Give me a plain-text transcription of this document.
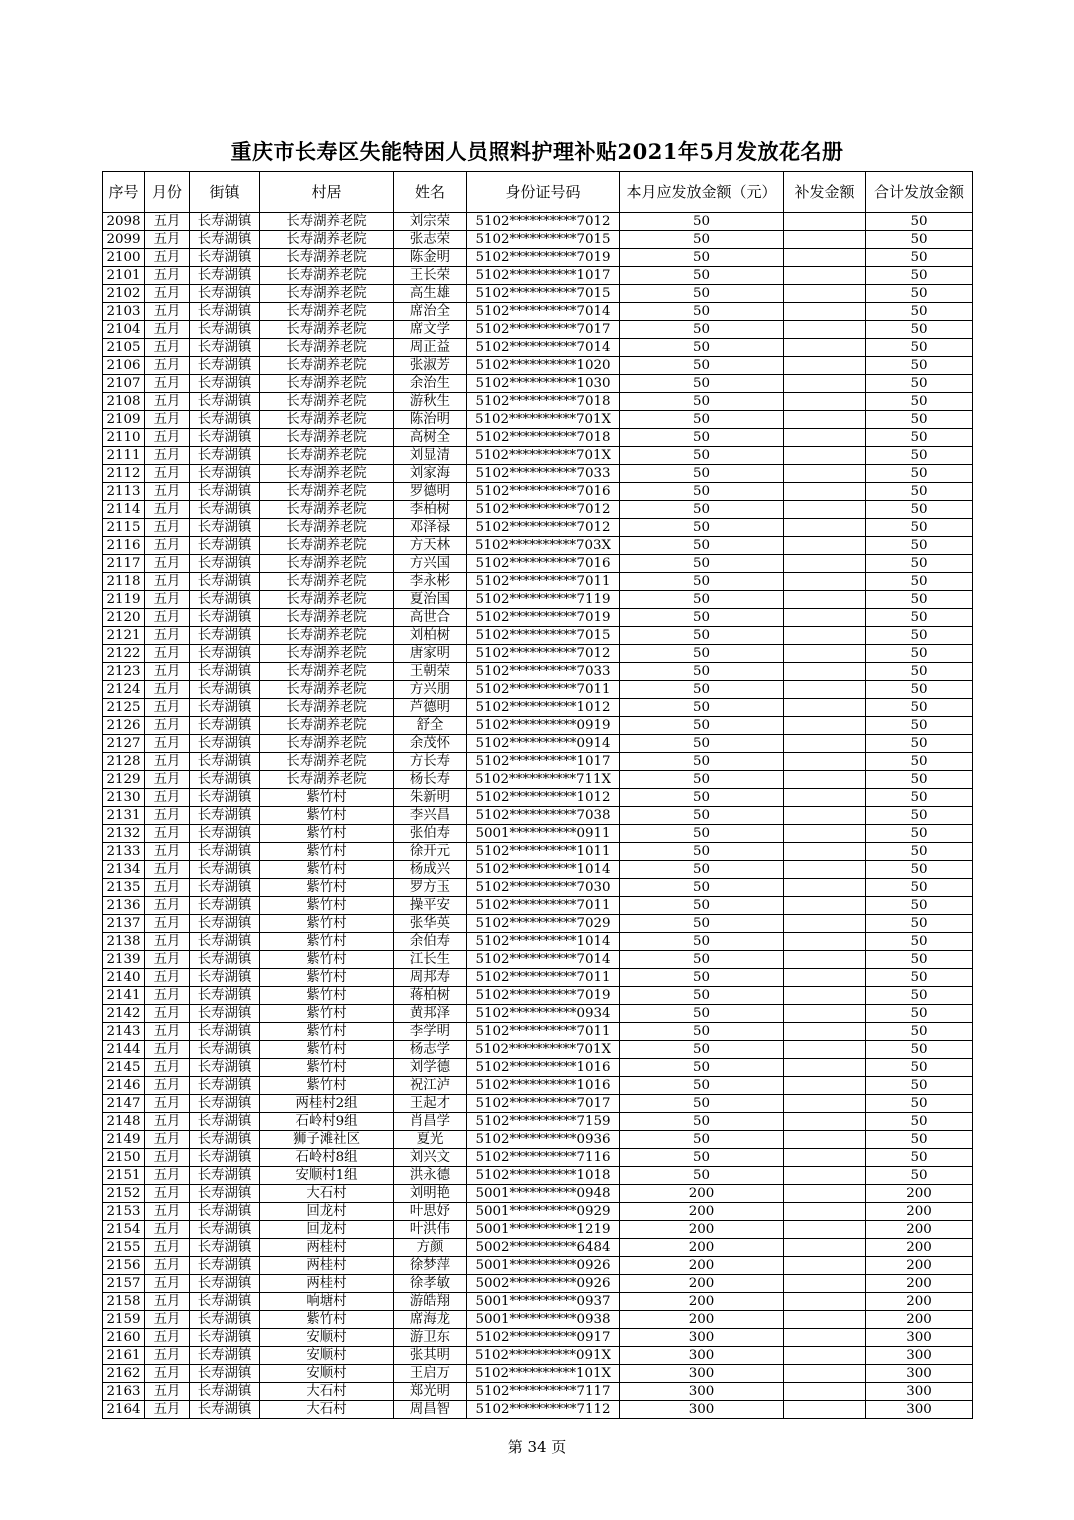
重庆市长寿区失能特困人员照料护理补贴2021年5月发放花名册
序号	月份	街镇	村居	姓名	身份证号码	本月应发放金额（元）	补发金额	合计发放金额
2098	五月	长寿湖镇	长寿湖养老院	刘宗荣	5102**********7012	50		50
2099	五月	长寿湖镇	长寿湖养老院	张志荣	5102**********7015	50		50
2100	五月	长寿湖镇	长寿湖养老院	陈金明	5102**********7019	50		50
2101	五月	长寿湖镇	长寿湖养老院	王长荣	5102**********1017	50		50
2102	五月	长寿湖镇	长寿湖养老院	高生雄	5102**********7015	50		50
2103	五月	长寿湖镇	长寿湖养老院	席治全	5102**********7014	50		50
2104	五月	长寿湖镇	长寿湖养老院	席文学	5102**********7017	50		50
2105	五月	长寿湖镇	长寿湖养老院	周正益	5102**********7014	50		50
2106	五月	长寿湖镇	长寿湖养老院	张淑芳	5102**********1020	50		50
2107	五月	长寿湖镇	长寿湖养老院	余治生	5102**********1030	50		50
2108	五月	长寿湖镇	长寿湖养老院	游秋生	5102**********7018	50		50
2109	五月	长寿湖镇	长寿湖养老院	陈治明	5102**********701X	50		50
2110	五月	长寿湖镇	长寿湖养老院	高树全	5102**********7018	50		50
2111	五月	长寿湖镇	长寿湖养老院	刘显清	5102**********701X	50		50
2112	五月	长寿湖镇	长寿湖养老院	刘家海	5102**********7033	50		50
2113	五月	长寿湖镇	长寿湖养老院	罗德明	5102**********7016	50		50
2114	五月	长寿湖镇	长寿湖养老院	李柏树	5102**********7012	50		50
2115	五月	长寿湖镇	长寿湖养老院	邓泽禄	5102**********7012	50		50
2116	五月	长寿湖镇	长寿湖养老院	方天林	5102**********703X	50		50
2117	五月	长寿湖镇	长寿湖养老院	方兴国	5102**********7016	50		50
2118	五月	长寿湖镇	长寿湖养老院	李永彬	5102**********7011	50		50
2119	五月	长寿湖镇	长寿湖养老院	夏治国	5102**********7119	50		50
2120	五月	长寿湖镇	长寿湖养老院	高世合	5102**********7019	50		50
2121	五月	长寿湖镇	长寿湖养老院	刘柏树	5102**********7015	50		50
2122	五月	长寿湖镇	长寿湖养老院	唐家明	5102**********7012	50		50
2123	五月	长寿湖镇	长寿湖养老院	王朝荣	5102**********7033	50		50
2124	五月	长寿湖镇	长寿湖养老院	方兴朋	5102**********7011	50		50
2125	五月	长寿湖镇	长寿湖养老院	芦德明	5102**********1012	50		50
2126	五月	长寿湖镇	长寿湖养老院	舒全	5102**********0919	50		50
2127	五月	长寿湖镇	长寿湖养老院	余茂怀	5102**********0914	50		50
2128	五月	长寿湖镇	长寿湖养老院	方长寿	5102**********1017	50		50
2129	五月	长寿湖镇	长寿湖养老院	杨长寿	5102**********711X	50		50
2130	五月	长寿湖镇	紫竹村	朱新明	5102**********1012	50		50
2131	五月	长寿湖镇	紫竹村	李兴昌	5102**********7038	50		50
2132	五月	长寿湖镇	紫竹村	张伯寿	5001**********0911	50		50
2133	五月	长寿湖镇	紫竹村	徐开元	5102**********1011	50		50
2134	五月	长寿湖镇	紫竹村	杨成兴	5102**********1014	50		50
2135	五月	长寿湖镇	紫竹村	罗方玉	5102**********7030	50		50
2136	五月	长寿湖镇	紫竹村	操平安	5102**********7011	50		50
2137	五月	长寿湖镇	紫竹村	张华英	5102**********7029	50		50
2138	五月	长寿湖镇	紫竹村	余伯寿	5102**********1014	50		50
2139	五月	长寿湖镇	紫竹村	江长生	5102**********7014	50		50
2140	五月	长寿湖镇	紫竹村	周邦寿	5102**********7011	50		50
2141	五月	长寿湖镇	紫竹村	蒋柏树	5102**********7019	50		50
2142	五月	长寿湖镇	紫竹村	黄邦泽	5102**********0934	50		50
2143	五月	长寿湖镇	紫竹村	李学明	5102**********7011	50		50
2144	五月	长寿湖镇	紫竹村	杨志学	5102**********701X	50		50
2145	五月	长寿湖镇	紫竹村	刘学德	5102**********1016	50		50
2146	五月	长寿湖镇	紫竹村	祝江泸	5102**********1016	50		50
2147	五月	长寿湖镇	两桂村2组	王起才	5102**********7017	50		50
2148	五月	长寿湖镇	石岭村9组	肖昌学	5102**********7159	50		50
2149	五月	长寿湖镇	狮子滩社区	夏光	5102**********0936	50		50
2150	五月	长寿湖镇	石岭村8组	刘兴文	5102**********7116	50		50
2151	五月	长寿湖镇	安顺村1组	洪永德	5102**********1018	50		50
2152	五月	长寿湖镇	大石村	刘明艳	5001**********0948	200		200
2153	五月	长寿湖镇	回龙村	叶思妤	5001**********0929	200		200
2154	五月	长寿湖镇	回龙村	叶洪伟	5001**********1219	200		200
2155	五月	长寿湖镇	两桂村	方颜	5002**********6484	200		200
2156	五月	长寿湖镇	两桂村	徐梦萍	5001**********0926	200		200
2157	五月	长寿湖镇	两桂村	徐孝敏	5002**********0926	200		200
2158	五月	长寿湖镇	响塘村	游皓翔	5001**********0937	200		200
2159	五月	长寿湖镇	紫竹村	席海龙	5001**********0938	200		200
2160	五月	长寿湖镇	安顺村	游卫东	5102**********0917	300		300
2161	五月	长寿湖镇	安顺村	张其明	5102**********091X	300		300
2162	五月	长寿湖镇	安顺村	王启万	5102**********101X	300		300
2163	五月	长寿湖镇	大石村	郑光明	5102**********7117	300		300
2164	五月	长寿湖镇	大石村	周昌智	5102**********7112	300		300
第 34 页
